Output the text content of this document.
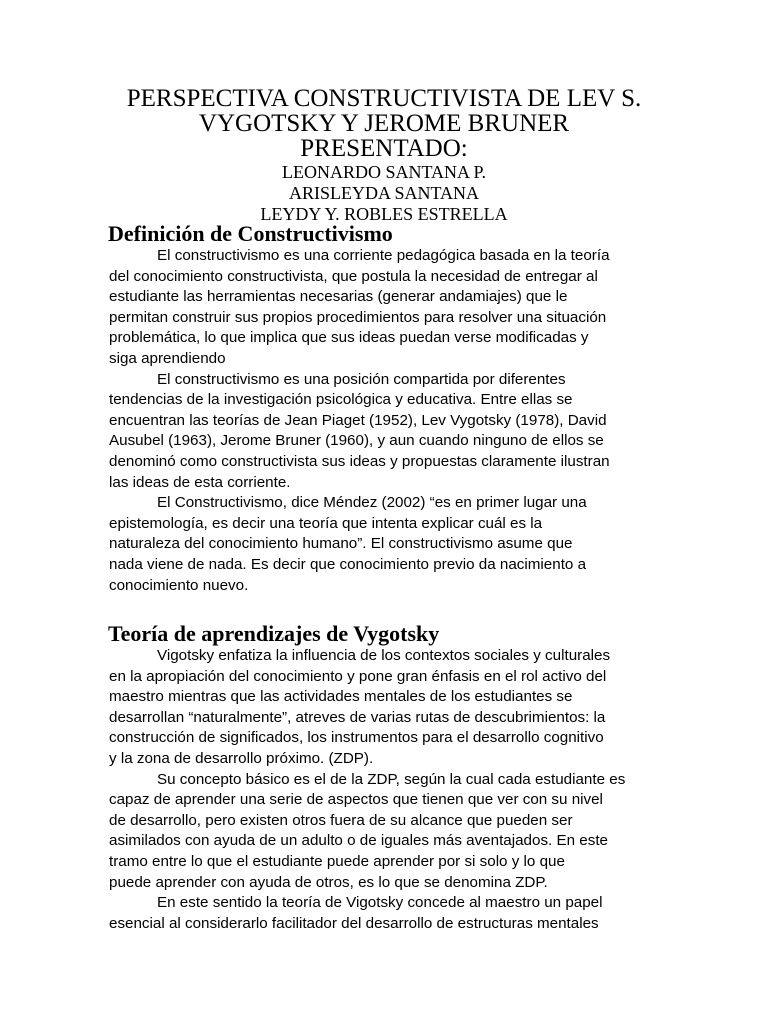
PERSPECTIVA CONSTRUCTIVISTA DE LEV S.

VYGOTSKY Y JEROME BRUNER

PRESENTADO:

LEONARDO SANTANA P.

ARISLEYDA SANTANA

LEYDY Y. ROBLES ESTRELLA

Definición de Constructivismo
El constructivismo es una corriente pedagógica basada en la teoría
del conocimiento constructivista, que postula la necesidad de entregar al
estudiante las herramientas necesarias (generar andamiajes) que le
permitan construir sus propios procedimientos para resolver una situación
problemática, lo que implica que sus ideas puedan verse modificadas y
siga aprendiendo
El constructivismo es una posición compartida por diferentes
tendencias de la investigación psicológica y educativa. Entre ellas se
encuentran las teorías de Jean Piaget (1952), Lev Vygotsky (1978), David
Ausubel (1963), Jerome Bruner (1960), y aun cuando ninguno de ellos se
denominó como constructivista sus ideas y propuestas claramente ilustran
las ideas de esta corriente.
El Constructivismo, dice Méndez (2002) “es en primer lugar una
epistemología, es decir una teoría que intenta explicar cuál es la
naturaleza del conocimiento humano”. El constructivismo asume que
nada viene de nada. Es decir que conocimiento previo da nacimiento a
conocimiento nuevo.
Teoría de aprendizajes de Vygotsky
Vigotsky enfatiza la influencia de los contextos sociales y culturales
en la apropiación del conocimiento y pone gran énfasis en el rol activo del
maestro mientras que las actividades mentales de los estudiantes se
desarrollan “naturalmente”, atreves de varias rutas de descubrimientos: la
construcción de significados, los instrumentos para el desarrollo cognitivo
y la zona de desarrollo próximo. (ZDP).
Su concepto básico es el de la ZDP, según la cual cada estudiante es
capaz de aprender una serie de aspectos que tienen que ver con su nivel
de desarrollo, pero existen otros fuera de su alcance que pueden ser
asimilados con ayuda de un adulto o de iguales más aventajados. En este
tramo entre lo que el estudiante puede aprender por si solo y lo que
puede aprender con ayuda de otros, es lo que se denomina ZDP.
En este sentido la teoría de Vigotsky concede al maestro un papel
esencial al considerarlo facilitador del desarrollo de estructuras mentales
